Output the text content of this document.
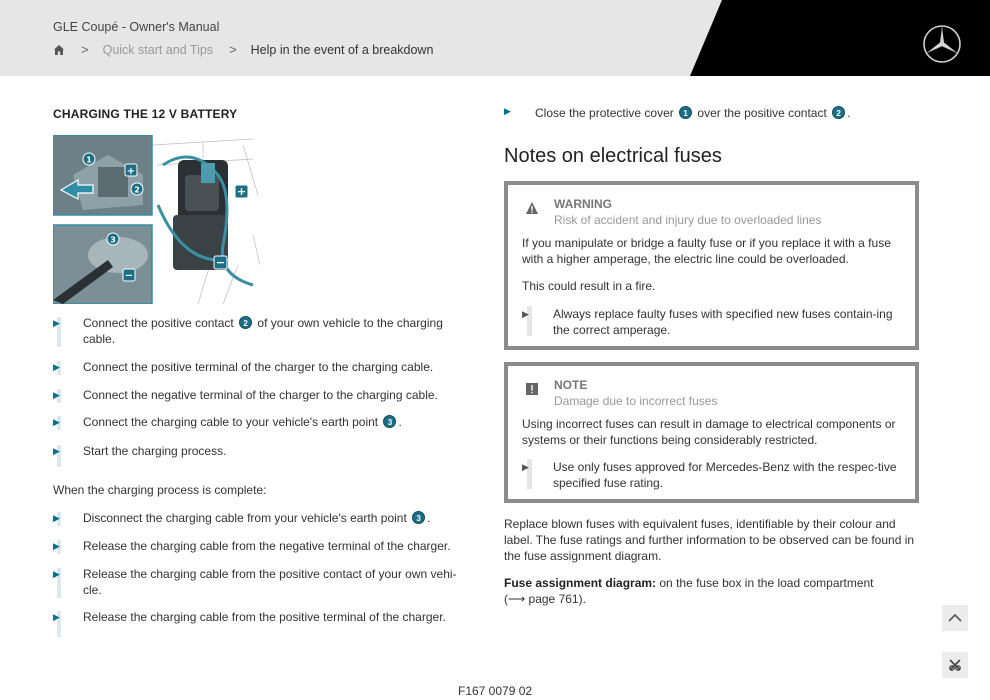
GLE Coupé - Owner's Manual
> Quick start and Tips > Help in the event of a breakdown
CHARGING THE 12 V BATTERY
+
−
1
2
+
3
−
▶	Connect the positive contact 2 of your own vehicle to the charging cable.
▶	Connect the positive terminal of the charger to the charging cable.
▶	Connect the negative terminal of the charger to the charging cable.
▶	Connect the charging cable to your vehicle's earth point 3 .
▶	Start the charging process.
When the charging process is complete:
▶	Disconnect the charging cable from your vehicle's earth point 3 .
▶	Release the charging cable from the negative terminal of the charger.
▶	Release the charging cable from the positive contact of your own vehi-cle.
▶	Release the charging cable from the positive terminal of the charger.
▶	Close the protective cover 1 over the positive contact 2 .
Notes on electrical fuses
WARNING
Risk of accident and injury due to overloaded lines
If you manipulate or bridge a faulty fuse or if you replace it with a fuse with a higher amperage, the electric line could be overloaded.
This could result in a fire.
▶	Always replace faulty fuses with specified new fuses contain-ing the correct amperage.
NOTE
Damage due to incorrect fuses
Using incorrect fuses can result in damage to electrical components or systems or their functions being considerably restricted.
▶	Use only fuses approved for Mercedes-Benz with the respec-tive specified fuse rating.
Replace blown fuses with equivalent fuses, identifiable by their colour and label. The fuse ratings and further information to be observed can be found in the fuse assignment diagram.
Fuse assignment diagram: on the fuse box in the load compartment
(⟶ page 761).
F167 0079 02
